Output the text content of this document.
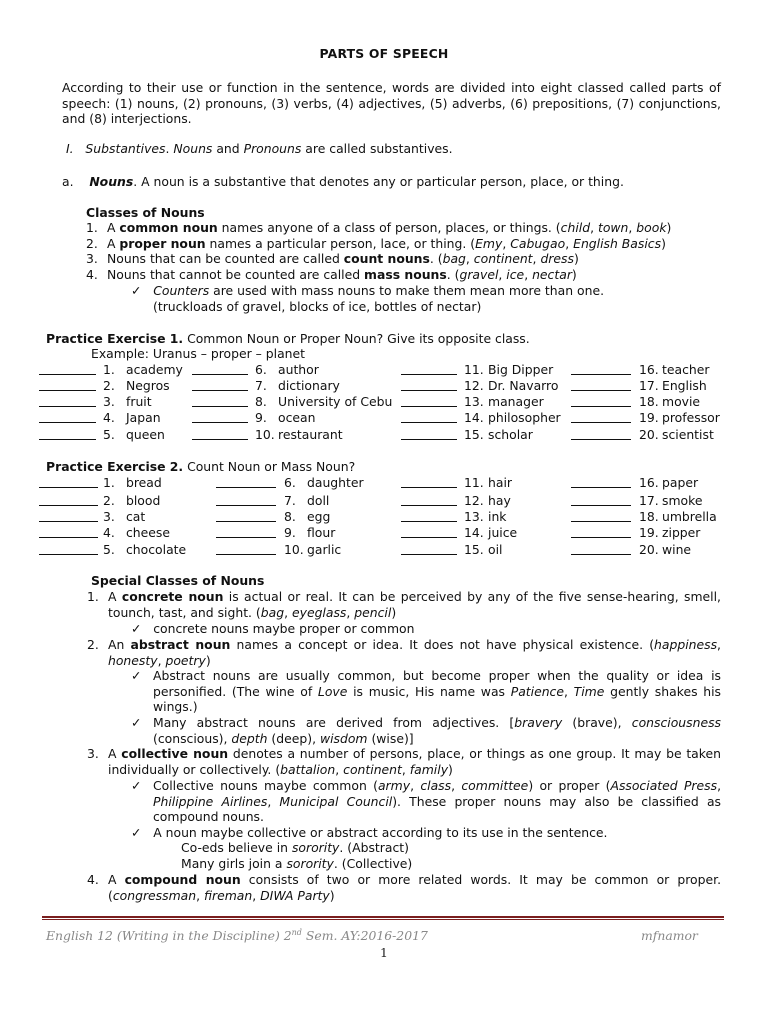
PARTS OF SPEECH
According to their use or function in the sentence, words are divided into eight classed called parts of speech: (1) nouns, (2) pronouns, (3) verbs, (4) adjectives, (5) adverbs, (6) prepositions, (7) conjunctions, and (8) interjections.
I. Substantives. Nouns and Pronouns are called substantives.
a. Nouns. A noun is a substantive that denotes any or particular person, place, or thing.
Classes of Nouns
1. A common noun names anyone of a class of person, places, or things. (child, town, book)
2. A proper noun names a particular person, lace, or thing. (Emy, Cabugao, English Basics)
3. Nouns that can be counted are called count nouns. (bag, continent, dress)
4. Nouns that cannot be counted are called mass nouns. (gravel, ice, nectar)
✓ Counters are used with mass nouns to make them mean more than one.
(truckloads of gravel, blocks of ice, bottles of nectar)
Practice Exercise 1. Common Noun or Proper Noun? Give its opposite class.
Example: Uranus – proper – planet
1. academy
2. Negros
3. fruit
4. Japan
5. queen
6. author
7. dictionary
8. University of Cebu
9. ocean
10. restaurant
11. Big Dipper
12. Dr. Navarro
13. manager
14. philosopher
15. scholar
16. teacher
17. English
18. movie
19. professor
20. scientist
Practice Exercise 2. Count Noun or Mass Noun?
1. bread
2. blood
3. cat
4. cheese
5. chocolate
6. daughter
7. doll
8. egg
9. flour
10. garlic
11. hair
12. hay
13. ink
14. juice
15. oil
16. paper
17. smoke
18. umbrella
19. zipper
20. wine
Special Classes of Nouns
1. A concrete noun is actual or real. It can be perceived by any of the five sense-hearing, smell, tounch, tast, and sight. (bag, eyeglass, pencil)
✓ concrete nouns maybe proper or common
2. An abstract noun names a concept or idea. It does not have physical existence. (happiness, honesty, poetry)
✓ Abstract nouns are usually common, but become proper when the quality or idea is personified. (The wine of Love is music, His name was Patience, Time gently shakes his wings.)
✓ Many abstract nouns are derived from adjectives. [bravery (brave), consciousness (conscious), depth (deep), wisdom (wise)]
3. A collective noun denotes a number of persons, place, or things as one group. It may be taken individually or collectively. (battalion, continent, family)
✓ Collective nouns maybe common (army, class, committee) or proper (Associated Press, Philippine Airlines, Municipal Council). These proper nouns may also be classified as compound nouns.
✓ A noun maybe collective or abstract according to its use in the sentence.
Co-eds believe in sorority. (Abstract)
Many girls join a sorority. (Collective)
4. A compound noun consists of two or more related words. It may be common or proper. (congressman, fireman, DIWA Party)
English 12 (Writing in the Discipline) 2nd Sem. AY:2016-2017	mfnamor
1
